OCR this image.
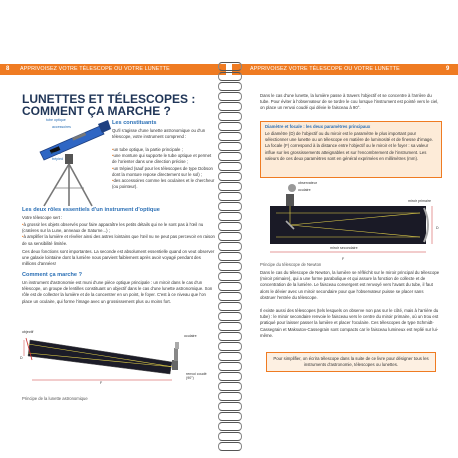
8 APPRIVOISEZ VOTRE TÉLESCOPE OU VOTRE LUNETTE
LUNETTES ET TÉLESCOPES :
COMMENT ÇA MARCHE ?
tube optique
accessoires
monture
trépied
Les constituants
Qu'il s'agisse d'une lunette astronomique ou d'un télescope, votre instrument comprend :
• un tube optique, la partie principale ;
• une monture qui supporte le tube optique et permet de l'orienter dans une direction précise ;
• un trépied (sauf pour les télescopes de type Dobson dont la monture repose directement sur le sol) ;
• des accessoires comme les oculaires et le chercheur (ou pointeur).
Les deux rôles essentiels d'un instrument d'optique
Votre télescope sert :
• à grossir les objets observés pour faire apparaître les petits détails qui ne le sont pas à l'œil nu (cratères sur la Lune, anneaux de Saturne...) ;
• à amplifier la lumière et révéler ainsi des astres lointains que l'œil nu ne peut pas percevoir en raison de sa sensibilité limitée.
Ces deux fonctions sont importantes. La seconde est absolument essentielle quand on veut observer une galaxie lointaine dont la lumière nous parvient faiblement après avoir voyagé pendant des millions d'années!
Comment ça marche ?
Un instrument d'astronomie est muni d'une pièce optique principale : un miroir dans le cas d'un télescope, un groupe de lentilles constituant un objectif dans le cas d'une lunette astronomique. Son rôle est de collecter la lumière et de la concentrer en un point, le foyer. C'est à ce niveau que l'on place un oculaire, qui forme l'image avec un grossissement plus ou moins fort.
objectif
oculaire
renvoi coudé (90°)
D
F
Principe de la lunette astronomique
APPRIVOISEZ VOTRE TÉLESCOPE OU VOTRE LUNETTE	9
Dans le cas d'une lunette, la lumière passe à travers l'objectif et se concentre à l'arrière du tube. Pour éviter à l'observateur de se tordre le cou lorsque l'instrument est pointé vers le ciel, on place un renvoi coudé qui dévie le faisceau à 90°.
Diamètre et focale : les deux paramètres principaux
Le diamètre (D) de l'objectif ou du miroir est le paramètre le plus important pour sélectionner une lunette ou un télescope en matière de luminosité et de finesse d'image. La focale (F) correspond à la distance entre l'objectif ou le miroir et le foyer : sa valeur influe sur les grossissements atteignables et sur l'encombrement de l'instrument. Les valeurs de ces deux paramètres sont en général exprimées en millimètres (mm).
observateur
oculaire
miroir primaire
miroir secondaire
F
D
Principe du télescope de Newton
Dans le cas du télescope de Newton, la lumière se réfléchit sur le miroir principal du télescope (miroir primaire), qui a une forme parabolique et qui assure la fonction de collecte et de concentration de la lumière. Le faisceau convergent est renvoyé vers l'avant du tube, il faut alors le dévier avec un miroir secondaire pour que l'observateur puisse se placer sans obstruer l'entrée du télescope.
Il existe aussi des télescopes (tels lesquels on observe non pas sur le côté, mais à l'arrière du tube) : le miroir secondaire renvoie le faisceau vers le centre du miroir primaire, où un trou est pratiqué pour laisser passer la lumière et placer l'oculaire. Ces télescopes de type Schmidt-Cassegrain et Maksutov-Cassegrain sont compacts car le faisceau lumineux est replié sur lui-même.
Pour simplifier, on écrira télescope dans la suite de ce livre pour désigner tous les instruments d'astronomie, télescopes ou lunettes.
